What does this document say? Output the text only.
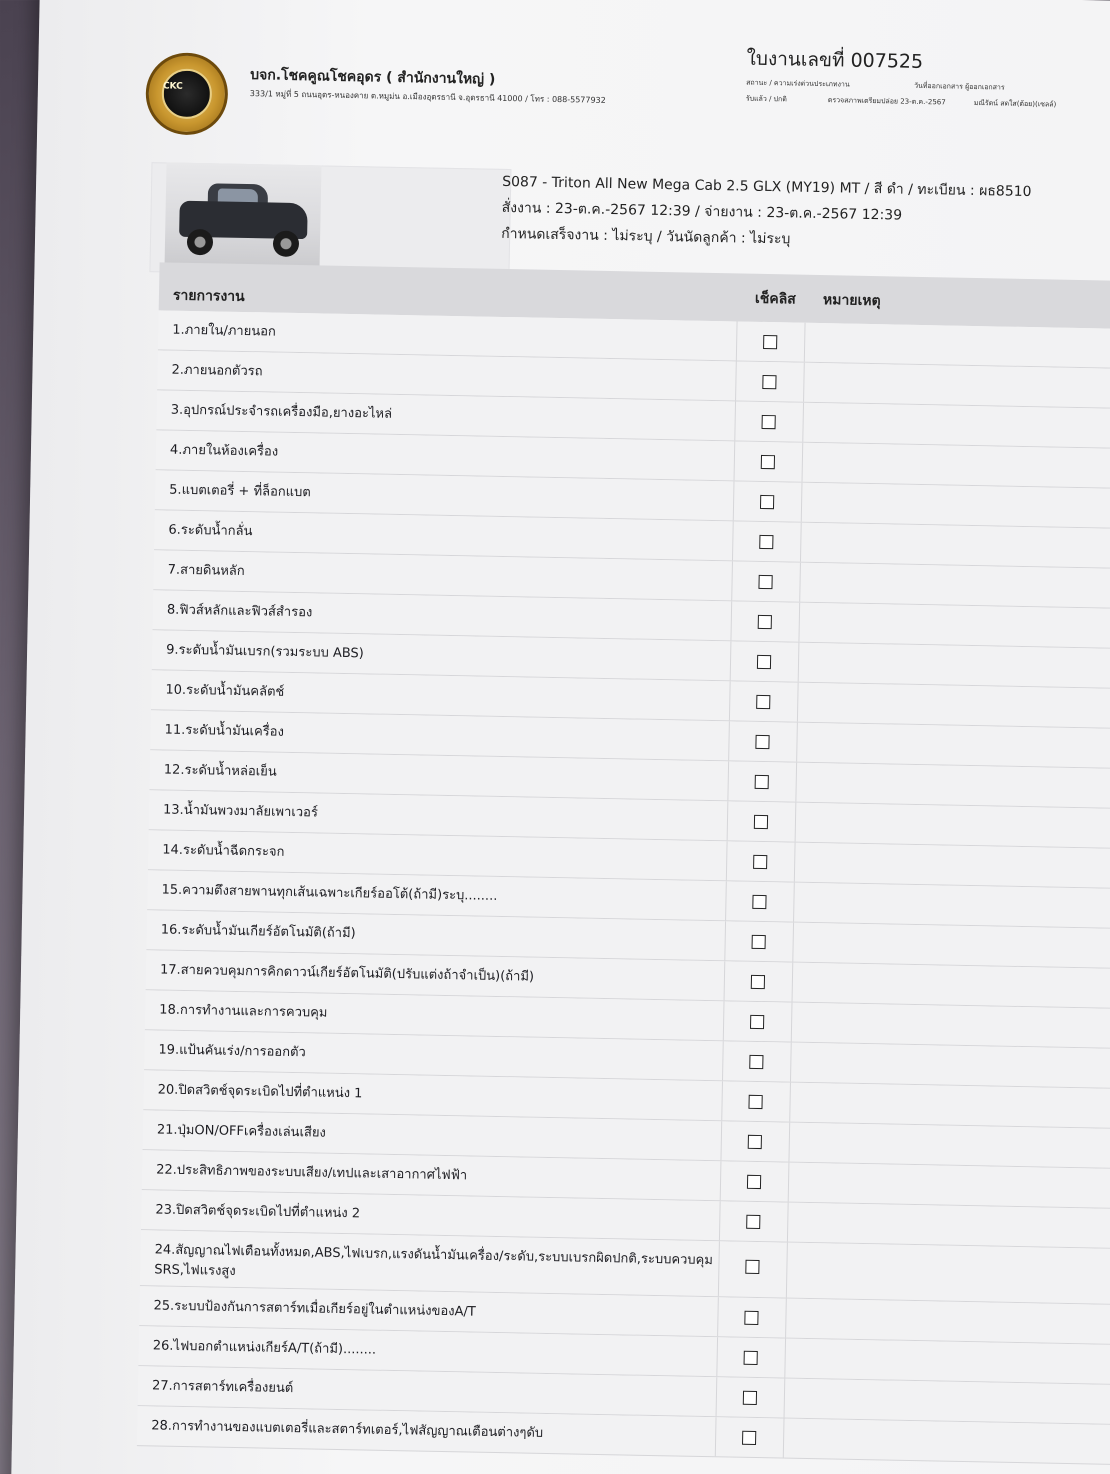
CKC	บจก.โชคคูณโชคอุดร ( สำนักงานใหญ่ )
333/1 หมู่ที่ 5 ถนนอุดร-หนองคาย ต.หมูม่น อ.เมืองอุดรธานี จ.อุดรธานี 41000 / โทร : 088-5577932
ใบงานเลขที่ 007525
สถานะ / ความเร่งด่วนประเภทงาน	วันที่ออกเอกสาร ผู้ออกเอกสาร
รับแล้ว / ปกติ	ตรวจสภาพเตรียมปล่อย 23-ต.ค.-2567	มณีรัตน์ สดใส(ต้อย)(เซลล์)
S087 - Triton All New Mega Cab 2.5 GLX (MY19) MT / สี ดำ / ทะเบียน : ผธ8510
สั่งงาน : 23-ต.ค.-2567 12:39 / จ่ายงาน : 23-ต.ค.-2567 12:39
กำหนดเสร็จงาน : ไม่ระบุ / วันนัดลูกค้า : ไม่ระบุ
รายการงาน	เช็คลิส หมายเหตุ
1.ภายใน/ภายนอก
2.ภายนอกตัวรถ
3.อุปกรณ์ประจำรถเครื่องมือ,ยางอะไหล่
4.ภายในห้องเครื่อง
5.แบตเตอรี่ + ที่ล็อกแบต
6.ระดับน้ำกลั่น
7.สายดินหลัก
8.ฟิวส์หลักและฟิวส์สำรอง
9.ระดับน้ำมันเบรก(รวมระบบ ABS)
10.ระดับน้ำมันคลัตช์
11.ระดับน้ำมันเครื่อง
12.ระดับน้ำหล่อเย็น
13.น้ำมันพวงมาลัยเพาเวอร์
14.ระดับน้ำฉีดกระจก
15.ความตึงสายพานทุกเส้นเฉพาะเกียร์ออโต้(ถ้ามี)ระบุ........
16.ระดับน้ำมันเกียร์อัตโนมัติ(ถ้ามี)
17.สายควบคุมการคิกดาวน์เกียร์อัตโนมัติ(ปรับแต่งถ้าจำเป็น)(ถ้ามี)
18.การทำงานและการควบคุม
19.แป้นคันเร่ง/การออกตัว
20.ปิดสวิตช์จุดระเบิดไปที่ตำแหน่ง 1
21.ปุ่มON/OFFเครื่องเล่นเสียง
22.ประสิทธิภาพของระบบเสียง/เทปและเสาอากาศไฟฟ้า
23.ปิดสวิตช์จุดระเบิดไปที่ตำแหน่ง 2
24.สัญญาณไฟเตือนทั้งหมด,ABS,ไฟเบรก,แรงดันน้ำมันเครื่อง/ระดับ,ระบบเบรกผิดปกติ,ระบบควบคุม SRS,ไฟแรงสูง
25.ระบบป้องกันการสตาร์ทเมื่อเกียร์อยู่ในตำแหน่งของA/T
26.ไฟบอกตำแหน่งเกียร์A/T(ถ้ามี)........
27.การสตาร์ทเครื่องยนต์
28.การทำงานของแบตเตอรี่และสตาร์ทเตอร์,ไฟสัญญาณเตือนต่างๆดับ
